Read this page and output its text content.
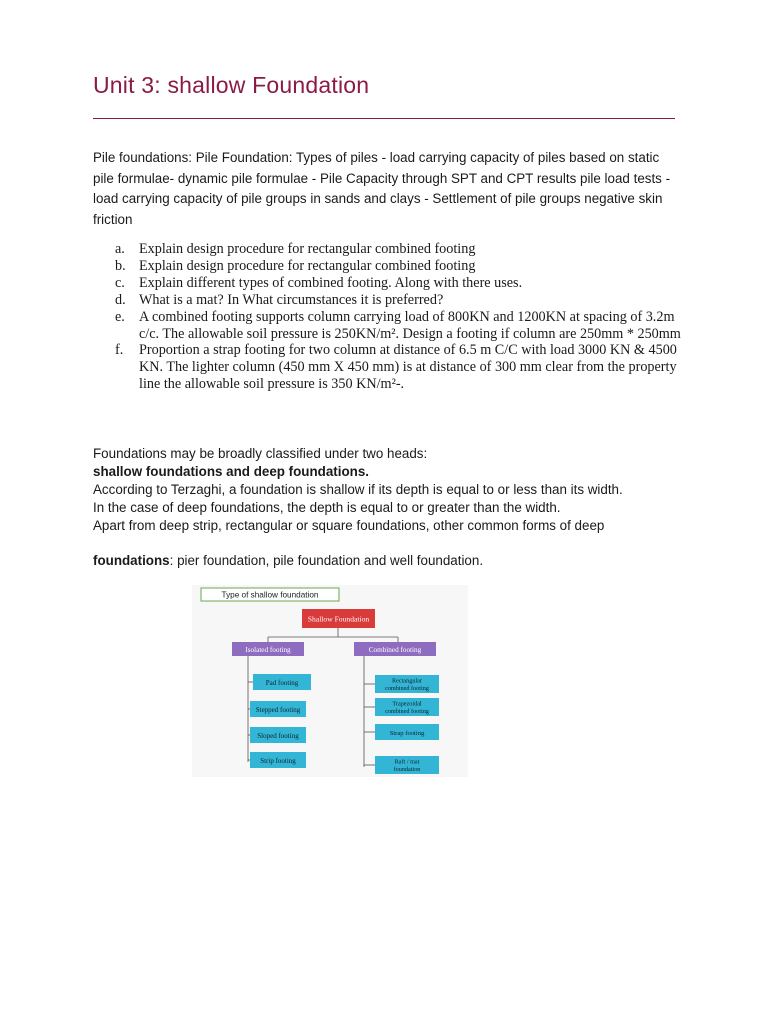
Unit 3: shallow Foundation

Pile foundations: Pile Foundation: Types of piles - load carrying capacity of piles based on static pile formulae- dynamic pile formulae - Pile Capacity through SPT and CPT results pile load tests - load carrying capacity of pile groups in sands and clays - Settlement of pile groups negative skin friction

a. Explain design procedure for rectangular combined footing
b. Explain design procedure for rectangular combined footing
c. Explain different types of combined footing. Along with there uses.
d. What is a mat? In What circumstances it is preferred?
e. A combined footing supports column carrying load of 800KN and 1200KN at spacing of 3.2m c/c. The allowable soil pressure is 250KN/m². Design a footing if column are 250mm * 250mm
f. Proportion a strap footing for two column at distance of 6.5 m C/C with load 3000 KN & 4500 KN. The lighter column (450 mm X 450 mm) is at distance of 300 mm clear from the property line the allowable soil pressure is 350 KN/m²-.

Foundations may be broadly classified under two heads:

shallow foundations and deep foundations.

According to Terzaghi, a foundation is shallow if its depth is equal to or less than its width.

In the case of deep foundations, the depth is equal to or greater than the width.

Apart from deep strip, rectangular or square foundations, other common forms of deep

foundations: pier foundation, pile foundation and well foundation.

Type of shallow foundation
Shallow Foundation
Isolated footing	Combined footing
Pad footing
Stepped footing
Sloped footing
Strip footing
Rectangular
combined footing
Trapezoidal
combined footing
Strap footing
Raft / mat
foundation
